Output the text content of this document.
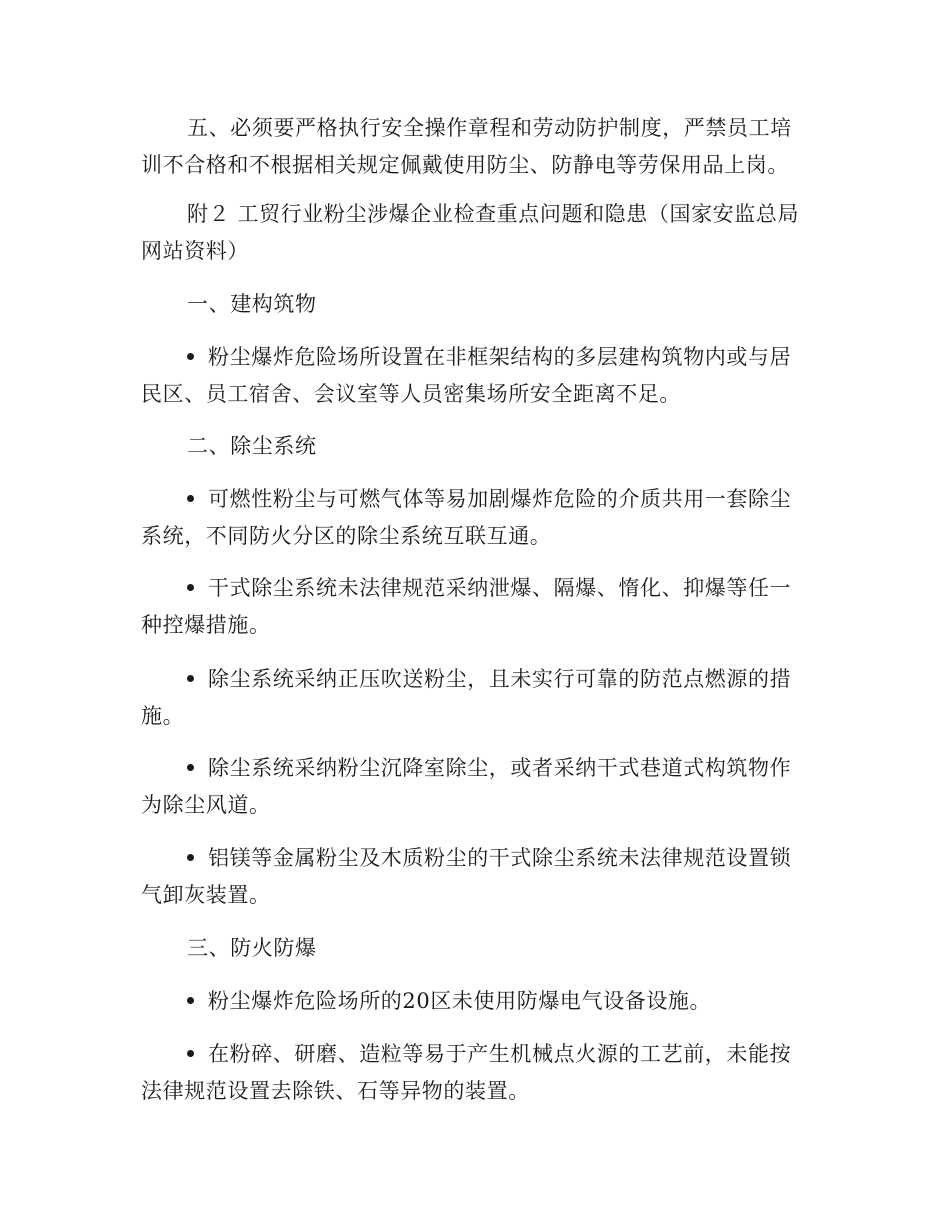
五、必须要严格执行安全操作章程和劳动防护制度，严禁员工培
训不合格和不根据相关规定佩戴使用防尘、防静电等劳保用品上岗。

附２ 工贸行业粉尘涉爆企业检查重点问题和隐患（国家安监总局
网站资料）

一、建构筑物

粉尘爆炸危险场所设置在非框架结构的多层建构筑物内或与居
民区、员工宿舍、会议室等人员密集场所安全距离不足。

二、除尘系统

可燃性粉尘与可燃气体等易加剧爆炸危险的介质共用一套除尘
系统，不同防火分区的除尘系统互联互通。

干式除尘系统未法律规范采纳泄爆、隔爆、惰化、抑爆等任一
种控爆措施。

除尘系统采纳正压吹送粉尘，且未实行可靠的防范点燃源的措
施。

除尘系统采纳粉尘沉降室除尘，或者采纳干式巷道式构筑物作
为除尘风道。

铝镁等金属粉尘及木质粉尘的干式除尘系统未法律规范设置锁
气卸灰装置。

三、防火防爆

粉尘爆炸危险场所的20区未使用防爆电气设备设施。

在粉碎、研磨、造粒等易于产生机械点火源的工艺前，未能按
法律规范设置去除铁、石等异物的装置。
